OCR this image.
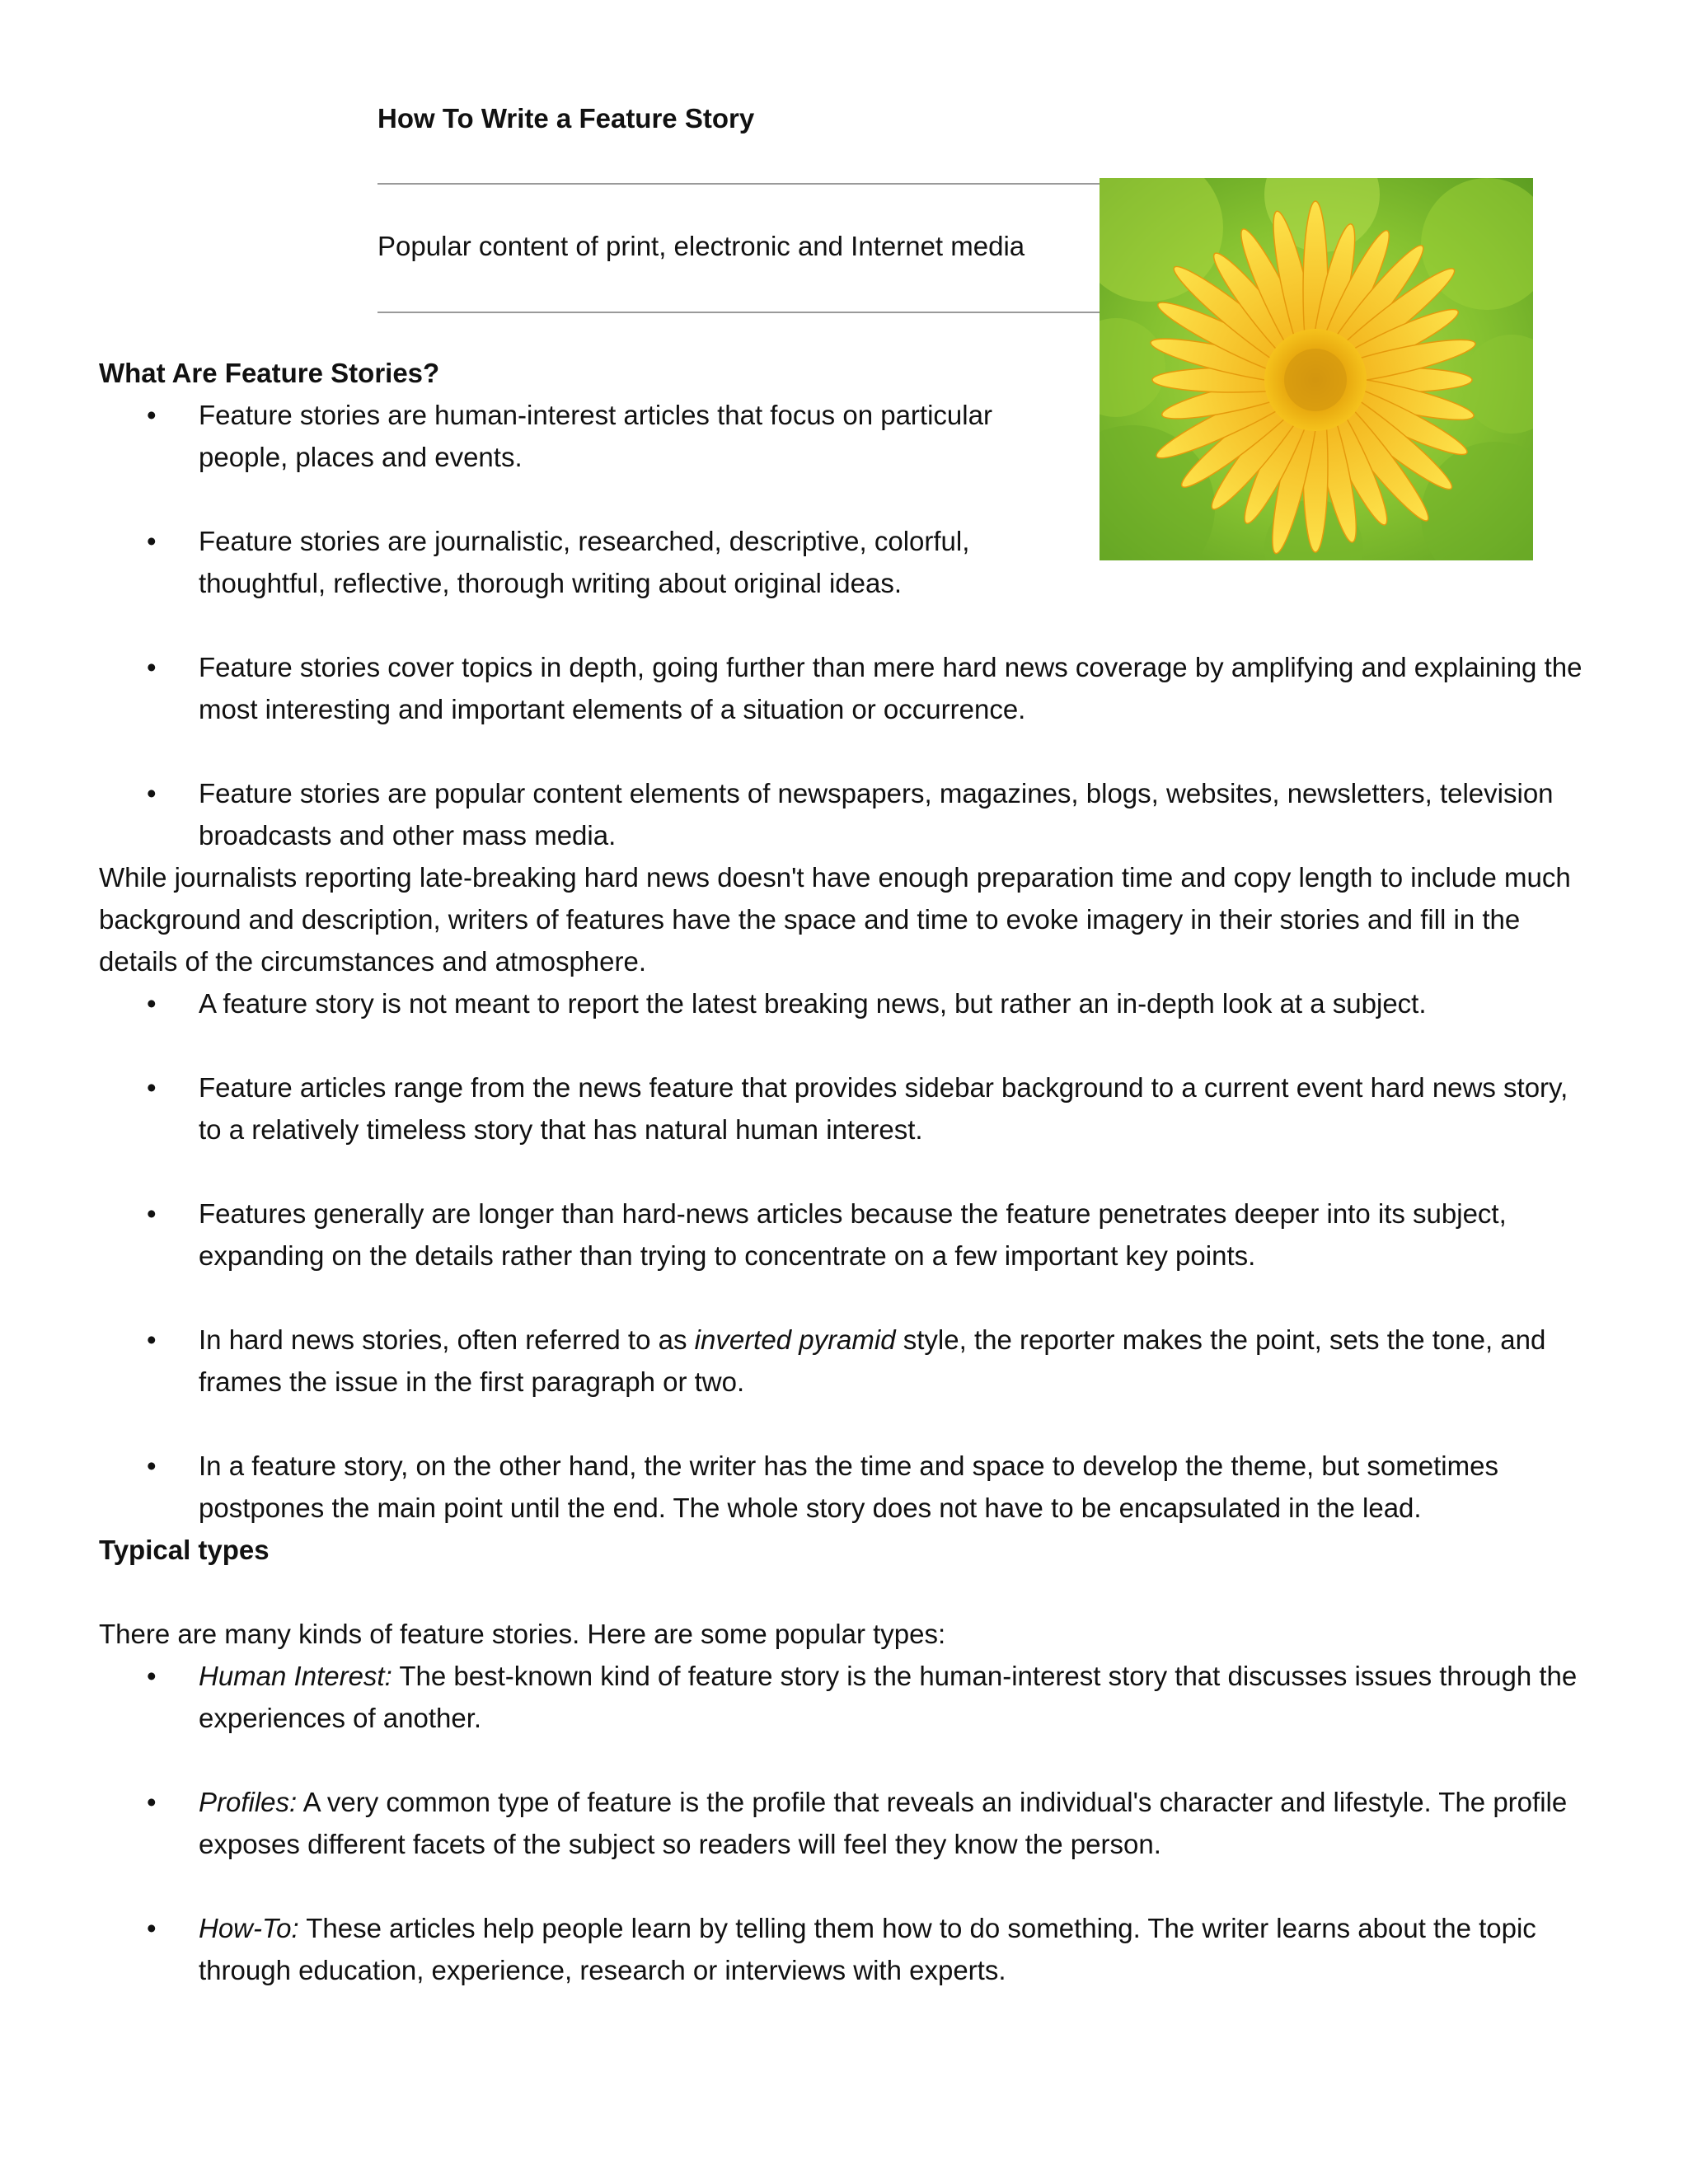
How To Write a Feature Story
Popular content of print, electronic and Internet media
What Are Feature Stories?
• Feature stories are human-interest articles that focus on particular people, places and events.
• Feature stories are journalistic, researched, descriptive, colorful, thoughtful, reflective, thorough writing about original ideas.
• Feature stories cover topics in depth, going further than mere hard news coverage by amplifying and explaining the most interesting and important elements of a situation or occurrence.
• Feature stories are popular content elements of newspapers, magazines, blogs, websites, newsletters, television broadcasts and other mass media.

While journalists reporting late-breaking hard news doesn't have enough preparation time and copy length to include much background and description, writers of features have the space and time to evoke imagery in their stories and fill in the details of the circumstances and atmosphere.

• A feature story is not meant to report the latest breaking news, but rather an in-depth look at a subject.
• Feature articles range from the news feature that provides sidebar background to a current event hard news story, to a relatively timeless story that has natural human interest.
• Features generally are longer than hard-news articles because the feature penetrates deeper into its subject, expanding on the details rather than trying to concentrate on a few important key points.
• In hard news stories, often referred to as inverted pyramid style, the reporter makes the point, sets the tone, and frames the issue in the first paragraph or two.
• In a feature story, on the other hand, the writer has the time and space to develop the theme, but sometimes postpones the main point until the end. The whole story does not have to be encapsulated in the lead.
Typical types

There are many kinds of feature stories. Here are some popular types:

• Human Interest: The best-known kind of feature story is the human-interest story that discusses issues through the experiences of another.
• Profiles: A very common type of feature is the profile that reveals an individual's character and lifestyle. The profile exposes different facets of the subject so readers will feel they know the person.
• How-To: These articles help people learn by telling them how to do something. The writer learns about the topic through education, experience, research or interviews with experts.
